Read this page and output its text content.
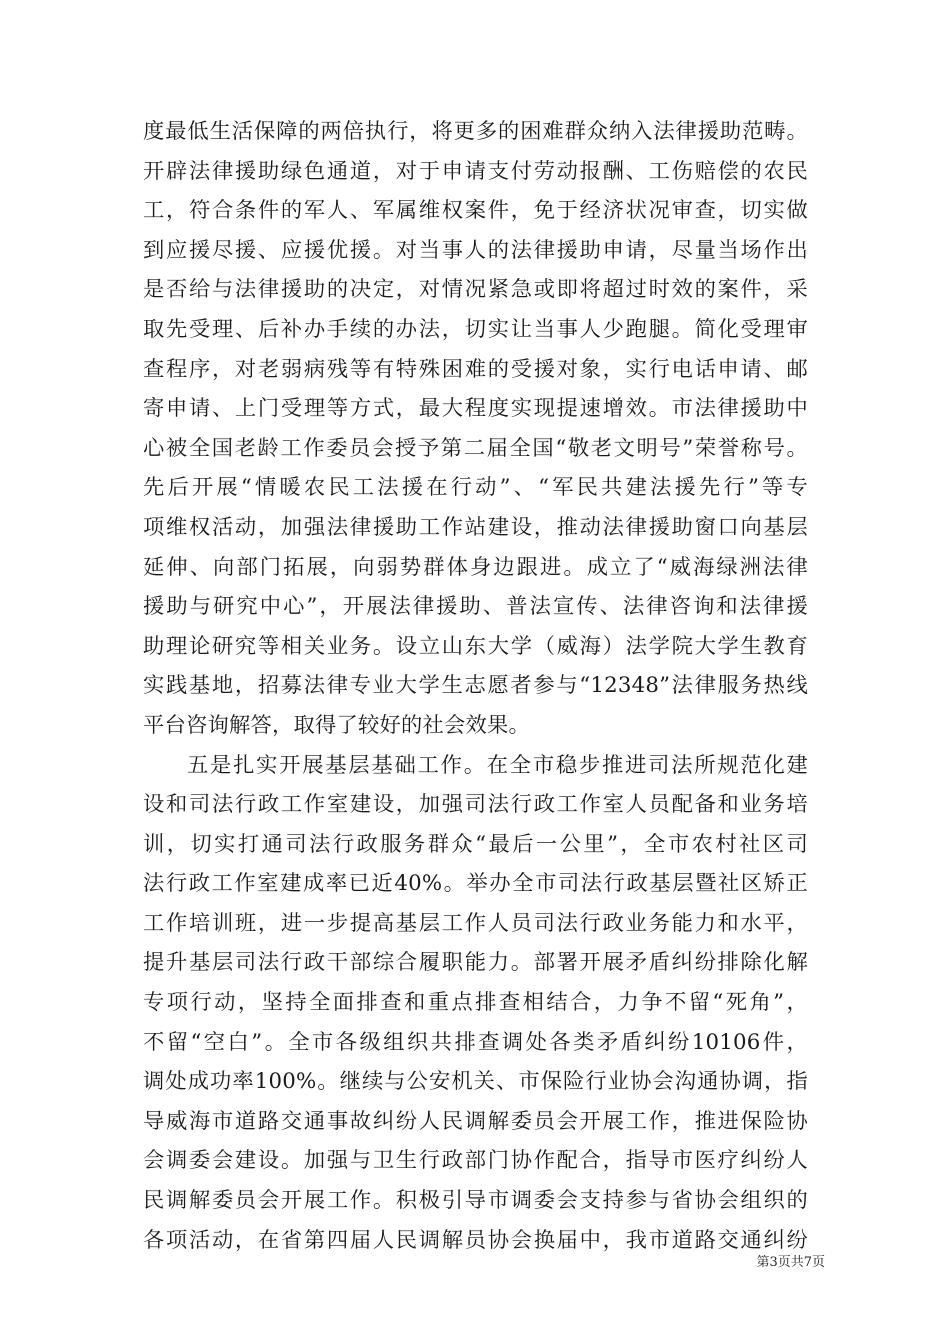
度最低生活保障的两倍执行，将更多的困难群众纳入法律援助范畴。
开辟法律援助绿色通道，对于申请支付劳动报酬、工伤赔偿的农民
工，符合条件的军人、军属维权案件，免于经济状况审查，切实做
到应援尽援、应援优援。对当事人的法律援助申请，尽量当场作出
是否给与法律援助的决定，对情况紧急或即将超过时效的案件，采
取先受理、后补办手续的办法，切实让当事人少跑腿。简化受理审
查程序，对老弱病残等有特殊困难的受援对象，实行电话申请、邮
寄申请、上门受理等方式，最大程度实现提速增效。市法律援助中
心被全国老龄工作委员会授予第二届全国“敬老文明号”荣誉称号。
先后开展“情暖农民工法援在行动”、“军民共建法援先行”等专
项维权活动，加强法律援助工作站建设，推动法律援助窗口向基层
延伸、向部门拓展，向弱势群体身边跟进。成立了“威海绿洲法律
援助与研究中心”，开展法律援助、普法宣传、法律咨询和法律援
助理论研究等相关业务。设立山东大学（威海）法学院大学生教育
实践基地，招募法律专业大学生志愿者参与“12348”法律服务热线
平台咨询解答，取得了较好的社会效果。
五是扎实开展基层基础工作。在全市稳步推进司法所规范化建
设和司法行政工作室建设，加强司法行政工作室人员配备和业务培
训，切实打通司法行政服务群众“最后一公里”，全市农村社区司
法行政工作室建成率已近40%。举办全市司法行政基层暨社区矫正
工作培训班，进一步提高基层工作人员司法行政业务能力和水平，
提升基层司法行政干部综合履职能力。部署开展矛盾纠纷排除化解
专项行动，坚持全面排查和重点排查相结合，力争不留“死角”，
不留“空白”。全市各级组织共排查调处各类矛盾纠纷10106件，
调处成功率100%。继续与公安机关、市保险行业协会沟通协调，指
导威海市道路交通事故纠纷人民调解委员会开展工作，推进保险协
会调委会建设。加强与卫生行政部门协作配合，指导市医疗纠纷人
民调解委员会开展工作。积极引导市调委会支持参与省协会组织的
各项活动，在省第四届人民调解员协会换届中，我市道路交通纠纷
第3页共7页
